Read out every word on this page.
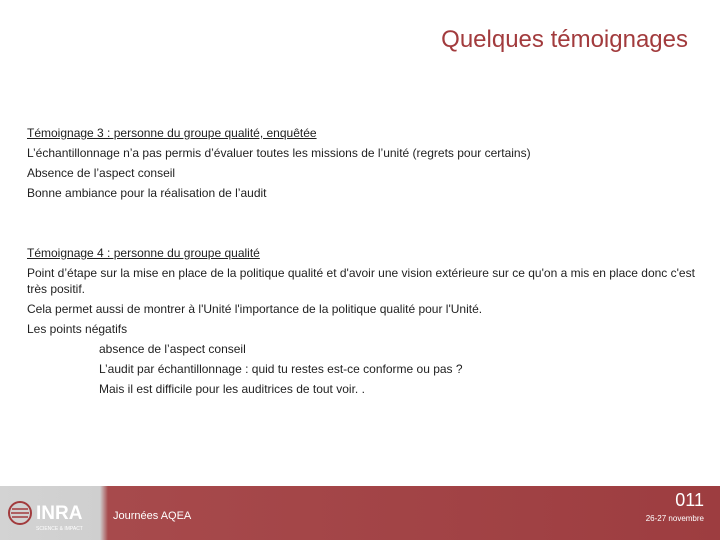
Quelques témoignages

Témoignage 3 : personne du groupe qualité, enquêtée

L’échantillonnage n’a pas permis d’évaluer toutes les missions de l’unité (regrets pour certains)

Absence de l’aspect conseil

Bonne ambiance pour la réalisation de l’audit

Témoignage 4 : personne du groupe qualité

Point d’étape sur la mise en place de la politique qualité et d'avoir une vision extérieure sur ce qu'on a mis en place donc c'est très positif.

Cela permet aussi de montrer à l'Unité l'importance de la politique qualité pour l'Unité.

Les points négatifs

absence de l’aspect conseil

L’audit par échantillonnage : quid tu restes est-ce conforme ou pas ?

Mais il est difficile pour les auditrices de tout voir. .

INRA
SCIENCE & IMPACT
Journées AQEA
011
26-27 novembre
